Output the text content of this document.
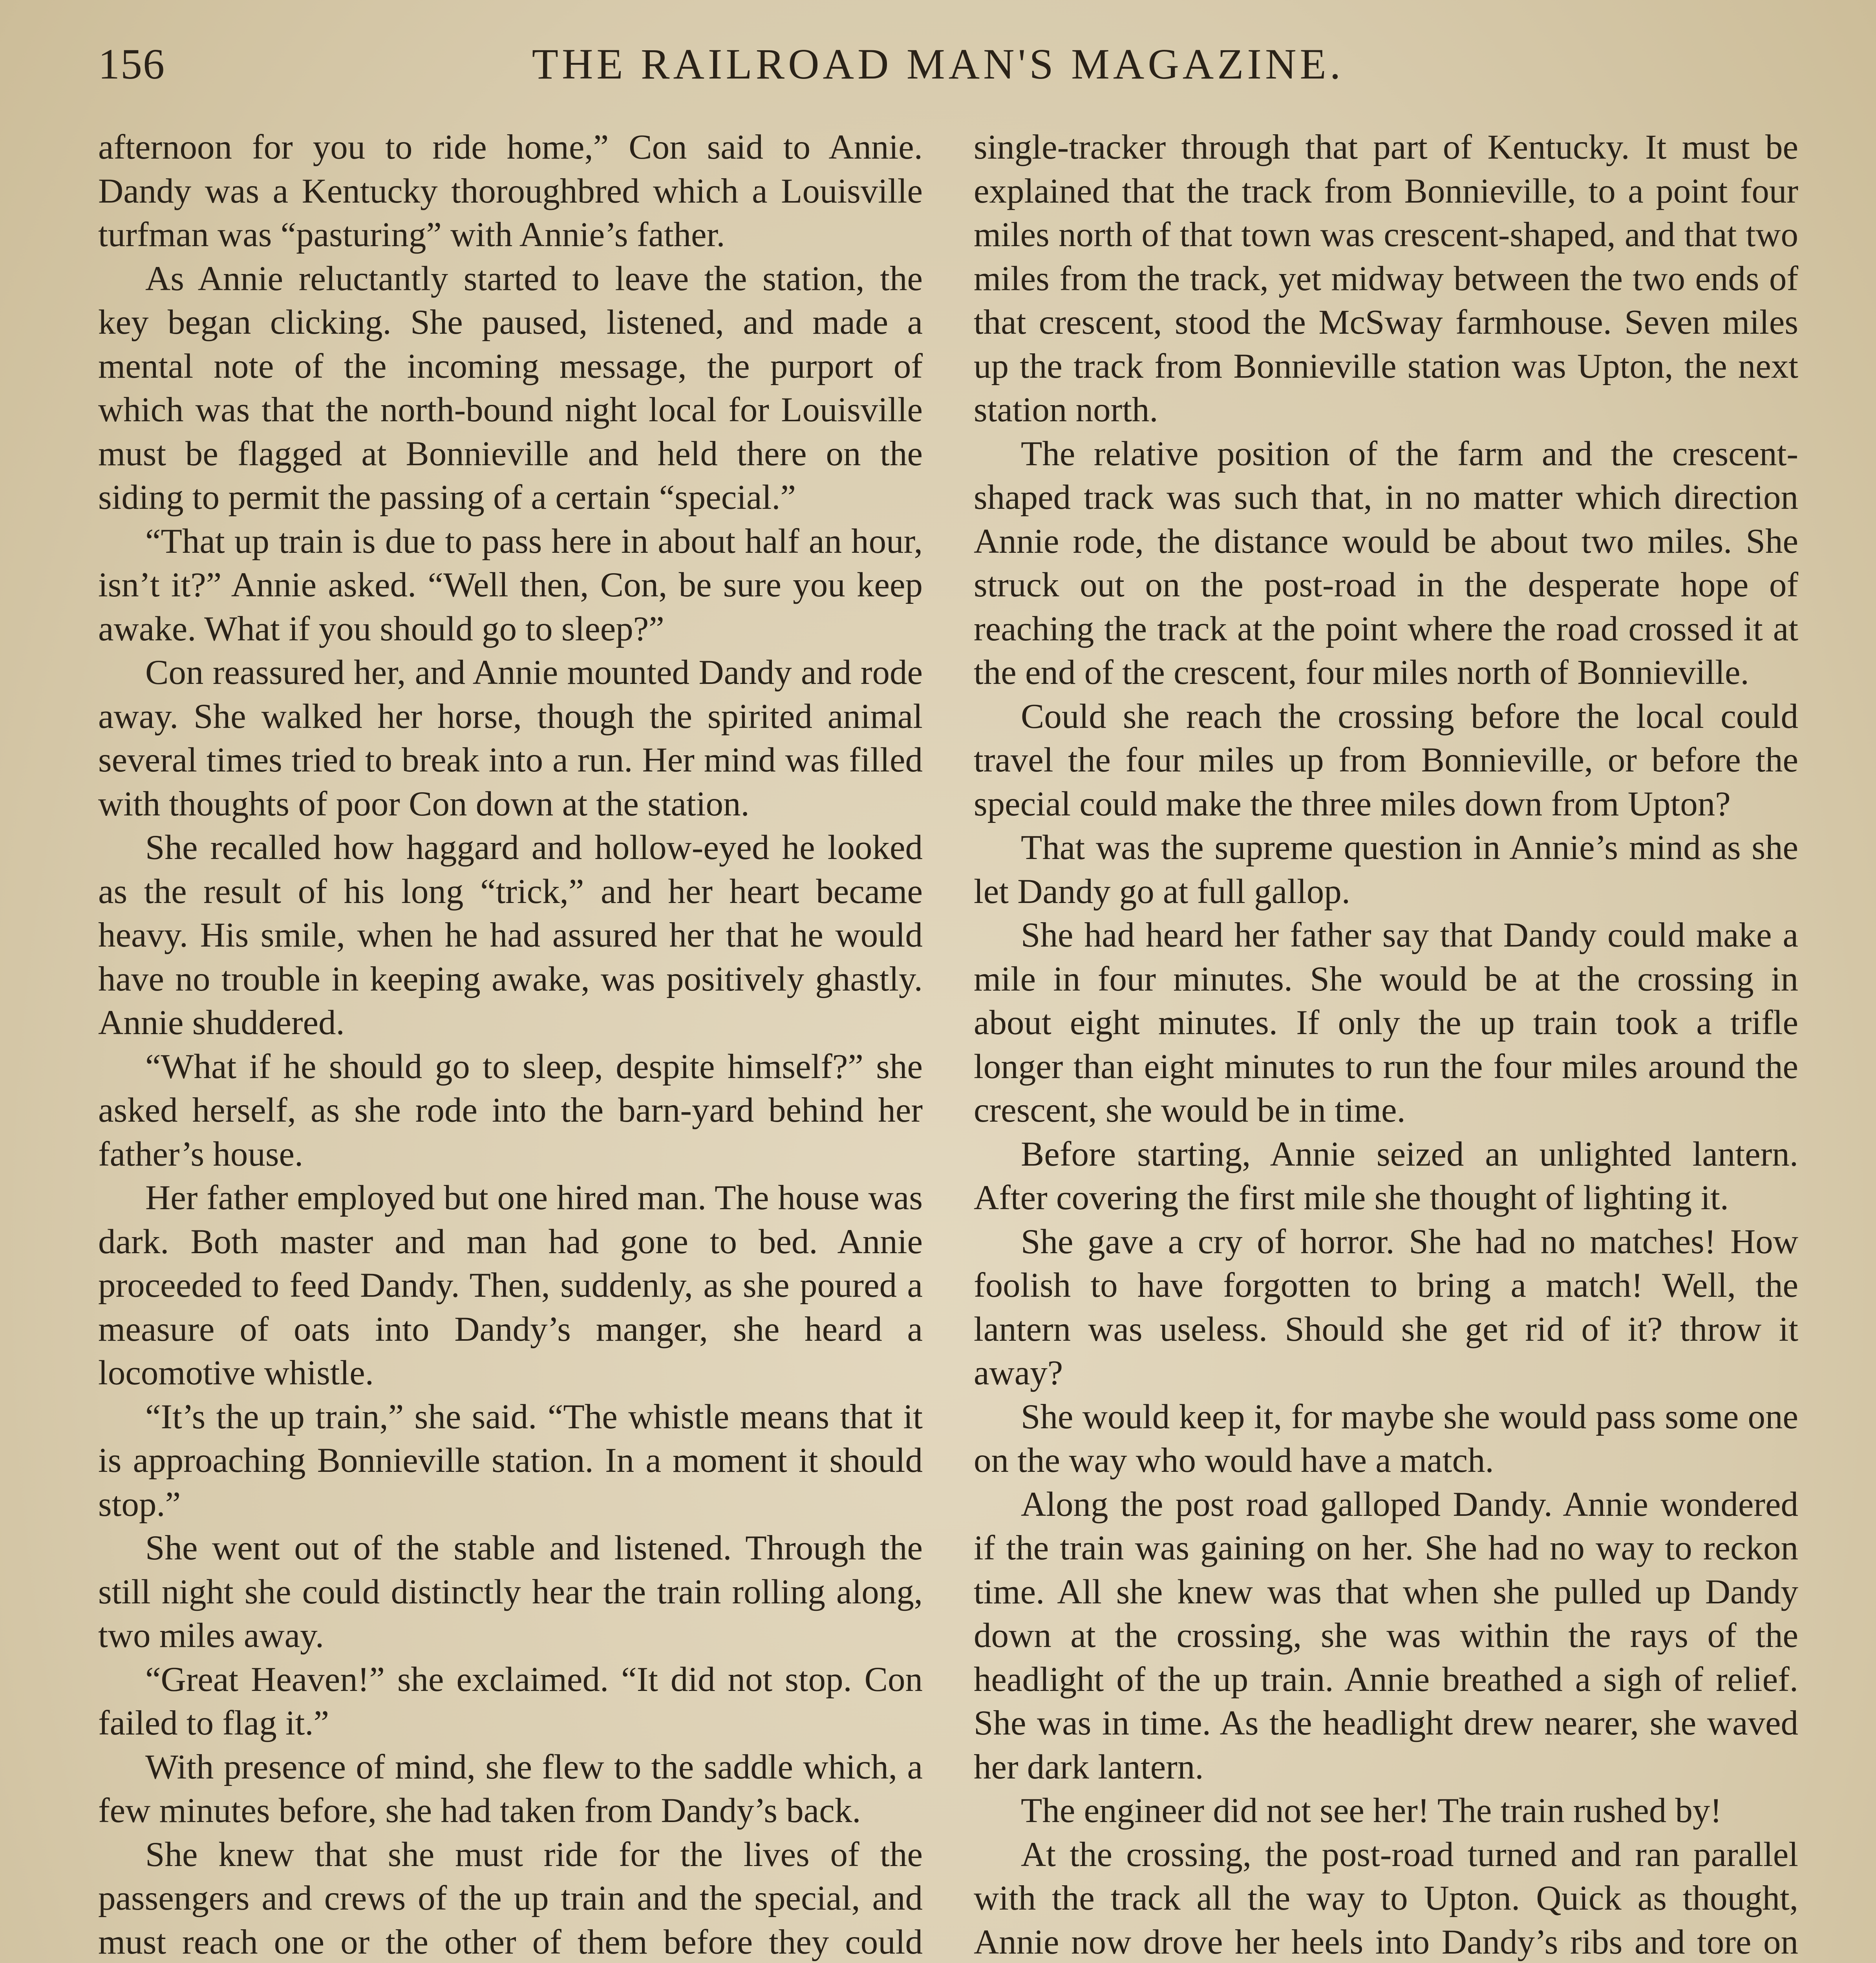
156	THE RAILROAD MAN'S MAGAZINE.

afternoon for you to ride home,” Con said to Annie. Dandy was a Kentucky thoroughbred which a Louisville turfman was “pasturing” with Annie’s father.

As Annie reluctantly started to leave the station, the key began clicking. She paused, listened, and made a mental note of the incoming message, the purport of which was that the north-bound night local for Louisville must be flagged at Bonnieville and held there on the siding to permit the passing of a certain “special.”

“That up train is due to pass here in about half an hour, isn’t it?” Annie asked. “Well then, Con, be sure you keep awake. What if you should go to sleep?”

Con reassured her, and Annie mounted Dandy and rode away. She walked her horse, though the spirited animal several times tried to break into a run. Her mind was filled with thoughts of poor Con down at the station.

She recalled how haggard and hollow-eyed he looked as the result of his long “trick,” and her heart became heavy. His smile, when he had assured her that he would have no trouble in keeping awake, was positively ghastly. Annie shuddered.

“What if he should go to sleep, despite himself?” she asked herself, as she rode into the barn-yard behind her father’s house.

Her father employed but one hired man. The house was dark. Both master and man had gone to bed. Annie proceeded to feed Dandy. Then, suddenly, as she poured a measure of oats into Dandy’s manger, she heard a locomotive whistle.

“It’s the up train,” she said. “The whistle means that it is approaching Bonnieville station. In a moment it should stop.”

She went out of the stable and listened. Through the still night she could distinctly hear the train rolling along, two miles away.

“Great Heaven!” she exclaimed. “It did not stop. Con failed to flag it.”

With presence of mind, she flew to the saddle which, a few minutes before, she had taken from Dandy’s back.

She knew that she must ride for the lives of the passengers and crews of the up train and the special, and must reach one or the other of them before they could

single-tracker through that part of Kentucky. It must be explained that the track from Bonnieville, to a point four miles north of that town was crescent-shaped, and that two miles from the track, yet midway between the two ends of that crescent, stood the McSway farmhouse. Seven miles up the track from Bonnieville station was Upton, the next station north.

The relative position of the farm and the crescent-shaped track was such that, in no matter which direction Annie rode, the distance would be about two miles. She struck out on the post-road in the desperate hope of reaching the track at the point where the road crossed it at the end of the crescent, four miles north of Bonnieville.

Could she reach the crossing before the local could travel the four miles up from Bonnieville, or before the special could make the three miles down from Upton?

That was the supreme question in Annie’s mind as she let Dandy go at full gallop.

She had heard her father say that Dandy could make a mile in four minutes. She would be at the crossing in about eight minutes. If only the up train took a trifle longer than eight minutes to run the four miles around the crescent, she would be in time.

Before starting, Annie seized an unlighted lantern. After covering the first mile she thought of lighting it.

She gave a cry of horror. She had no matches! How foolish to have forgotten to bring a match! Well, the lantern was useless. Should she get rid of it? throw it away?

She would keep it, for maybe she would pass some one on the way who would have a match.

Along the post road galloped Dandy. Annie wondered if the train was gaining on her. She had no way to reckon time. All she knew was that when she pulled up Dandy down at the crossing, she was within the rays of the headlight of the up train. Annie breathed a sigh of relief. She was in time. As the headlight drew nearer, she waved her dark lantern.

The engineer did not see her! The train rushed by!

At the crossing, the post-road turned and ran parallel with the track all the way to Upton. Quick as thought, Annie now drove her heels into Dandy’s ribs and tore on
